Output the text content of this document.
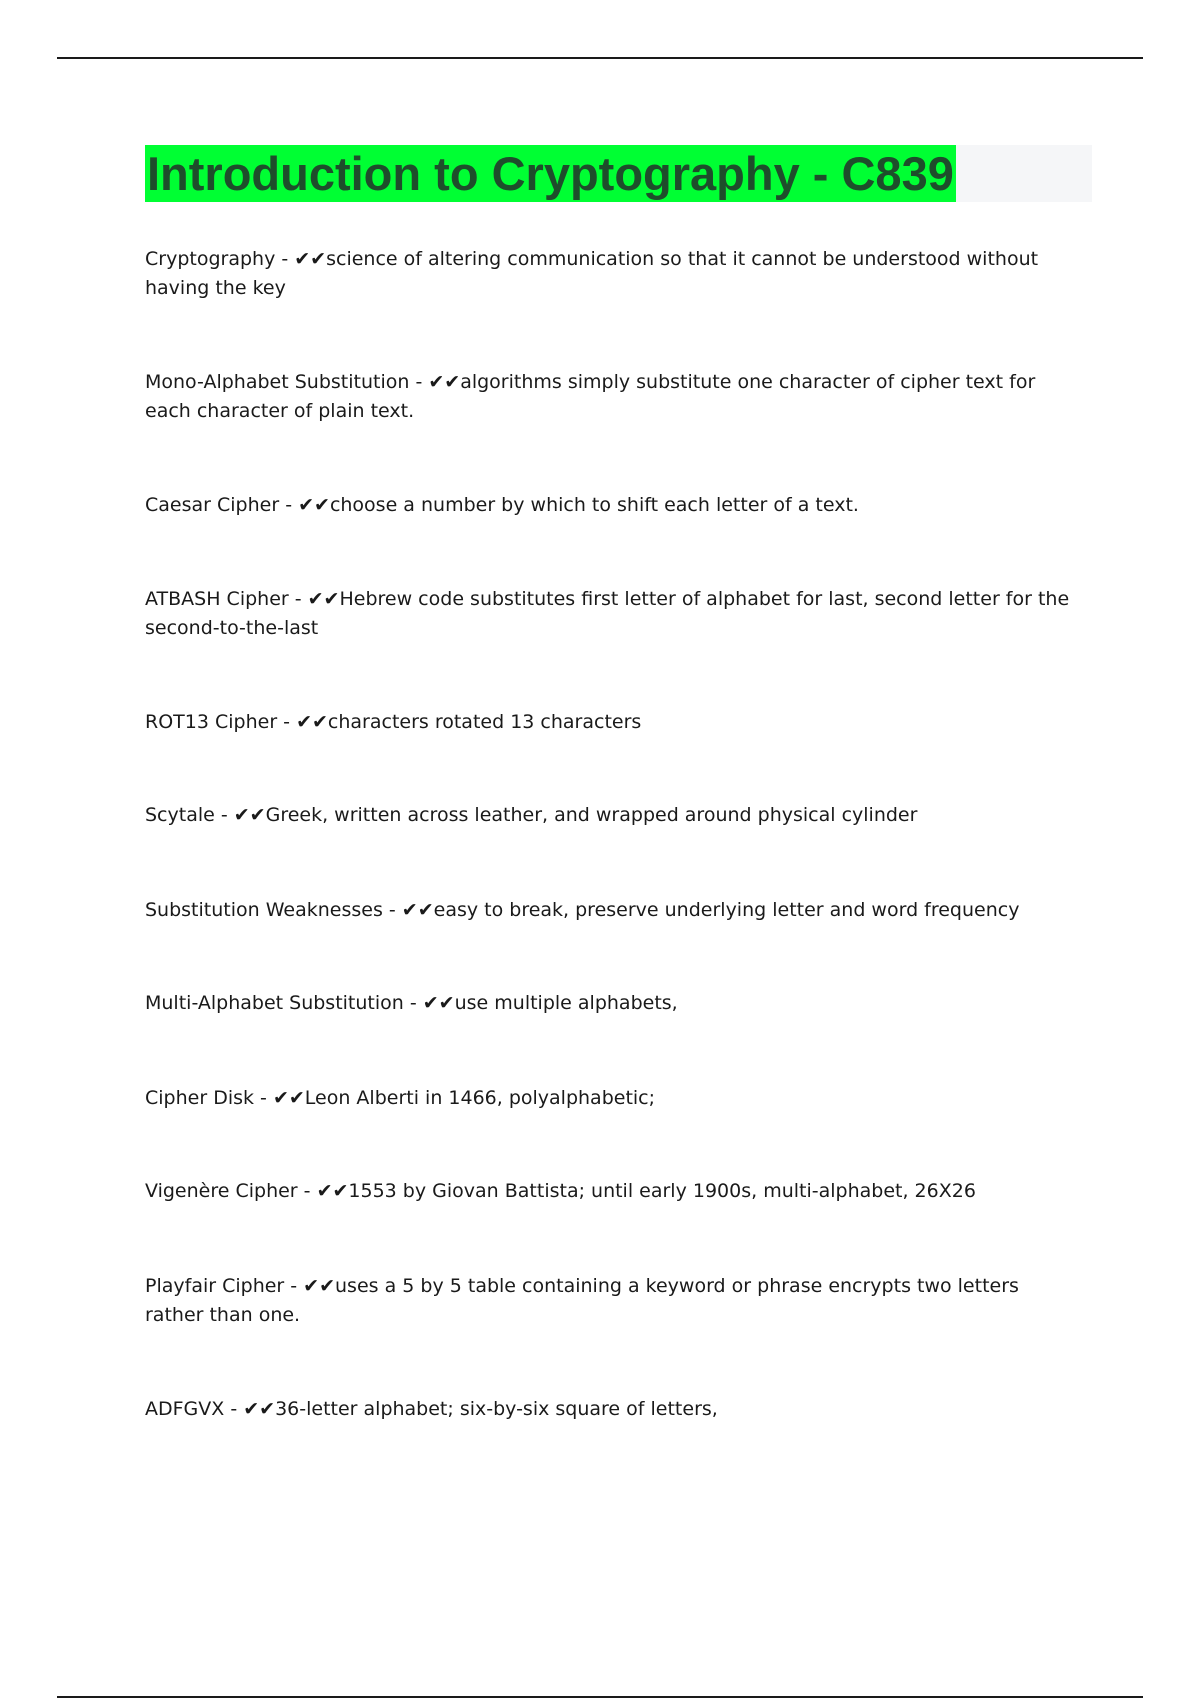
Introduction to Cryptography - C839
Cryptography - ✔✔science of altering communication so that it cannot be understood without having the key
Mono-Alphabet Substitution - ✔✔algorithms simply substitute one character of cipher text for each character of plain text.
Caesar Cipher - ✔✔choose a number by which to shift each letter of a text.
ATBASH Cipher - ✔✔Hebrew code substitutes first letter of alphabet for last, second letter for the second-to-the-last
ROT13 Cipher - ✔✔characters rotated 13 characters
Scytale - ✔✔Greek, written across leather, and wrapped around physical cylinder
Substitution Weaknesses - ✔✔easy to break, preserve underlying letter and word frequency
Multi-Alphabet Substitution - ✔✔use multiple alphabets,
Cipher Disk - ✔✔Leon Alberti in 1466, polyalphabetic;
Vigenère Cipher - ✔✔1553 by Giovan Battista; until early 1900s, multi-alphabet, 26X26
Playfair Cipher - ✔✔uses a 5 by 5 table containing a keyword or phrase encrypts two letters rather than one.
ADFGVX - ✔✔36-letter alphabet; six-by-six square of letters,
